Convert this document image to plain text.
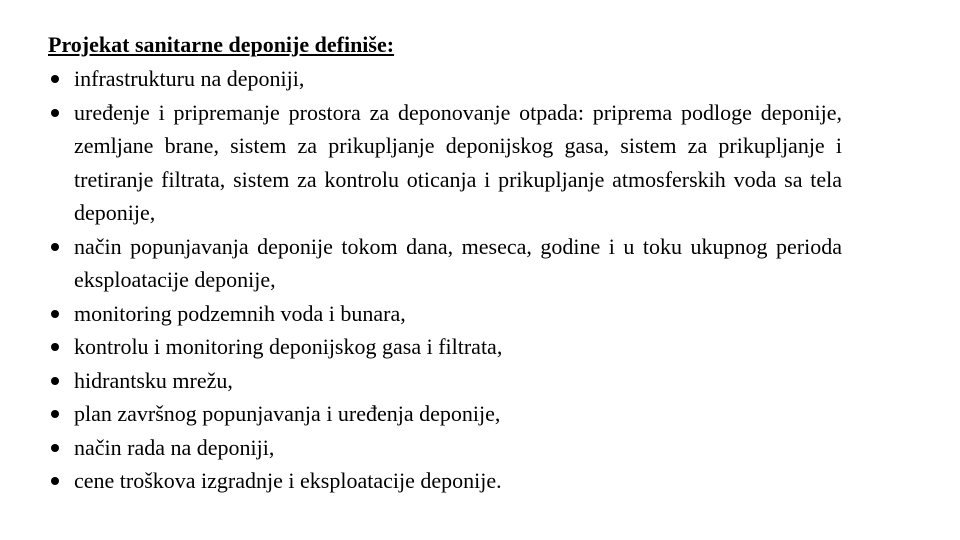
Projekat sanitarne deponije definiše:

infrastrukturu na deponiji,
uređenje i pripremanje prostora za deponovanje otpada: priprema podloge deponije, zemljane brane, sistem za prikupljanje deponijskog gasa, sistem za prikupljanje i tretiranje filtrata, sistem za kontrolu oticanja i prikupljanje atmosferskih voda sa tela deponije,
način popunjavanja deponije tokom dana, meseca, godine i u toku ukupnog perioda eksploatacije deponije,
monitoring podzemnih voda i bunara,
kontrolu i monitoring deponijskog gasa i filtrata,
hidrantsku mrežu,
plan završnog popunjavanja i uređenja deponije,
način rada na deponiji,
cene troškova izgradnje i eksploatacije deponije.
